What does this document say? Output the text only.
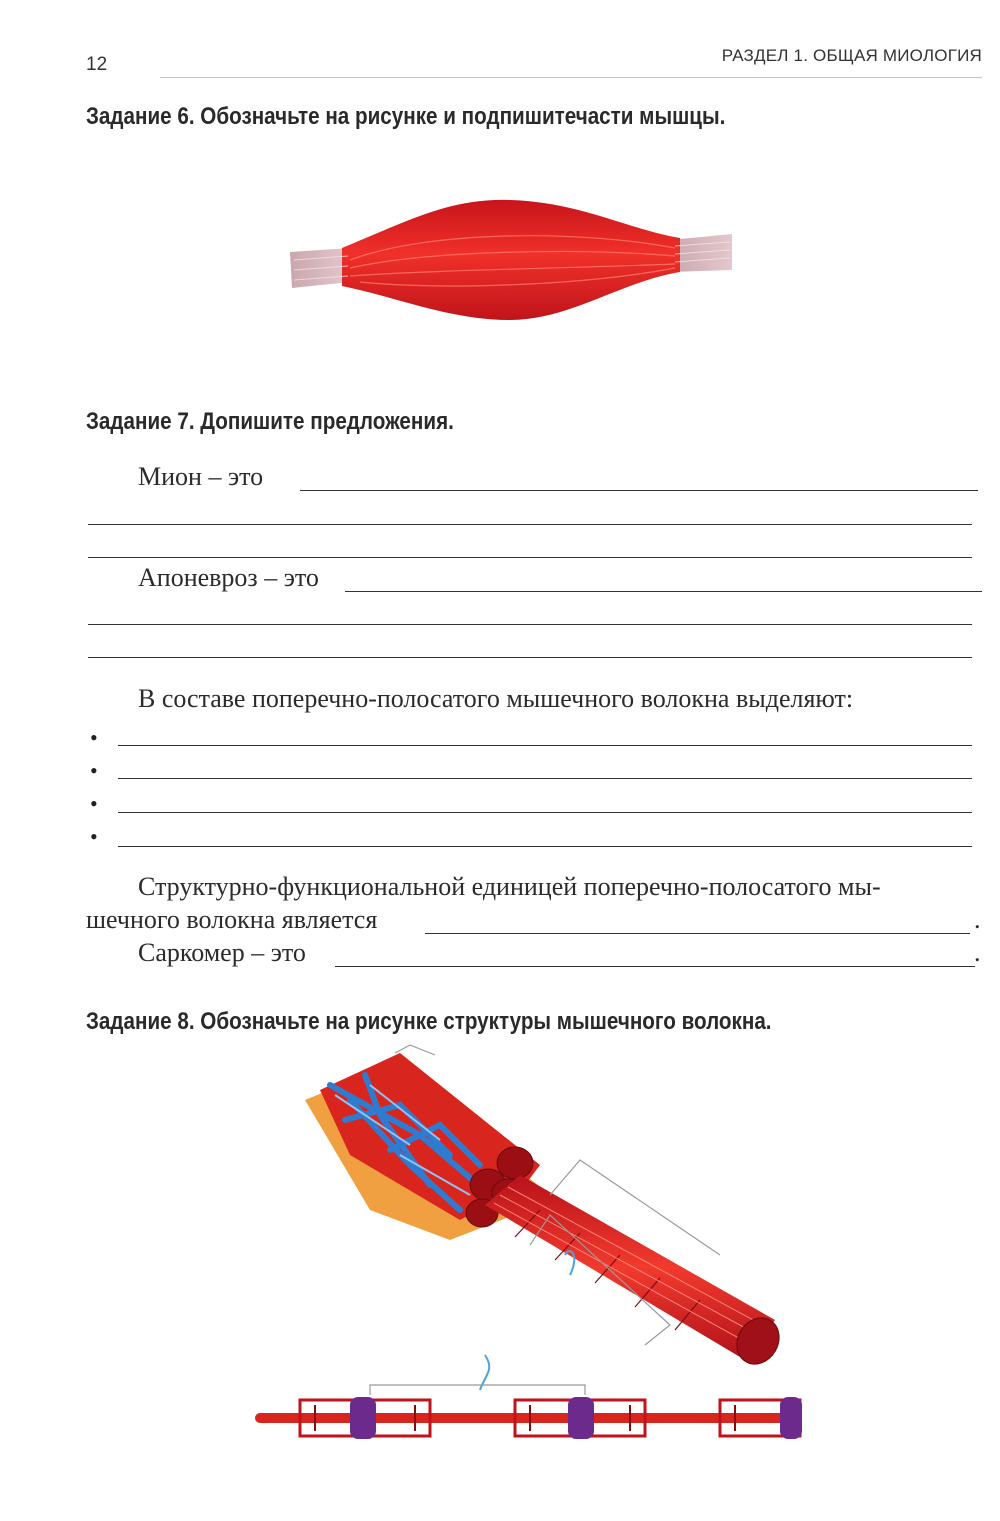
12	РАЗДЕЛ 1. ОБЩАЯ МИОЛОГИЯ
Задание 6. Обозначьте на рисунке и подпишитечасти мышцы.
Задание 7. Допишите предложения.
Мион – это
Апоневроз – это
В составе поперечно-полосатого мышечного волокна выделяют:
•
•
•
•
Структурно-функциональной единицей поперечно-полосатого мы-
шечного волокна является	.
Саркомер – это	.
Задание 8. Обозначьте на рисунке структуры мышечного волокна.
